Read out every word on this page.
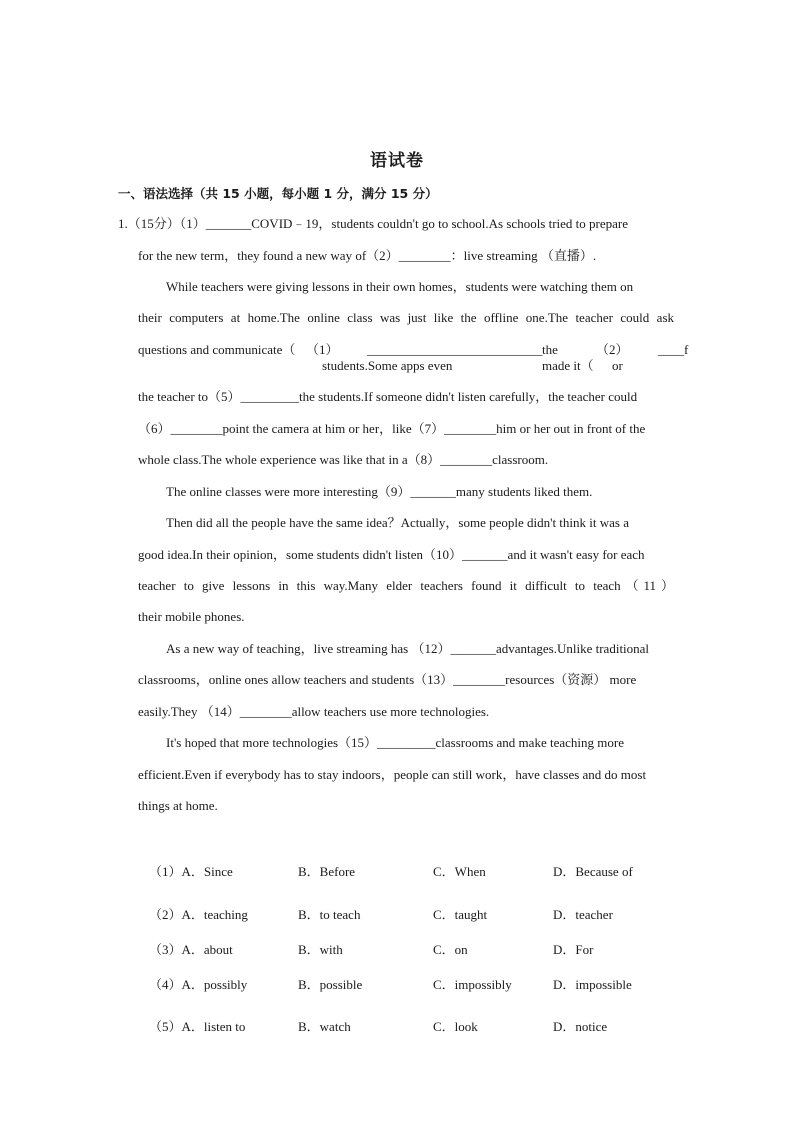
语试卷
一、语法选择（共 15 小题，每小题 1 分，满分 15 分）
1.（15分）（1）_______COVID﹣19，students couldn't go to school.As schools tried to prepare
for the new term，they found a new way of（2）________：live streaming （直播）.
While teachers were giving lessons in their own homes，students were watching them on
their computers at home.The online class was just like the offline one.The teacher could ask
questions and communicate（ （1） ___________________________ the	（2） ____f
students.Some apps even	made it（ or
the teacher to（5）_________the students.If someone didn't listen carefully，the teacher could
（6）________point the camera at him or her，like（7）________him or her out in front of the
whole class.The whole experience was like that in a（8）________classroom.
The online classes were more interesting（9）_______many students liked them.
Then did all the people have the same idea？Actually，some people didn't think it was a
good idea.In their opinion，some students didn't listen（10）_______and it wasn't easy for each
teacher to give lessons in this way.Many elder teachers found it difficult to teach（11）
their mobile phones.
As a new way of teaching，live streaming has （12）_______advantages.Unlike traditional
classrooms，online ones allow teachers and students（13）________resources（资源） more
easily.They （14）________allow teachers use more technologies.
It's hoped that more technologies（15）_________classrooms and make teaching more
efficient.Even if everybody has to stay indoors，people can still work，have classes and do most
things at home.
（1）A．Since	B．Before	C．When	D．Because of
（2）A．teaching	B．to teach	C．taught	D．teacher
（3）A．about	B．with	C．on	D．For
（4）A．possibly	B．possible	C．impossibly	D．impossible
（5）A．listen to	B．watch	C．look	D．notice
